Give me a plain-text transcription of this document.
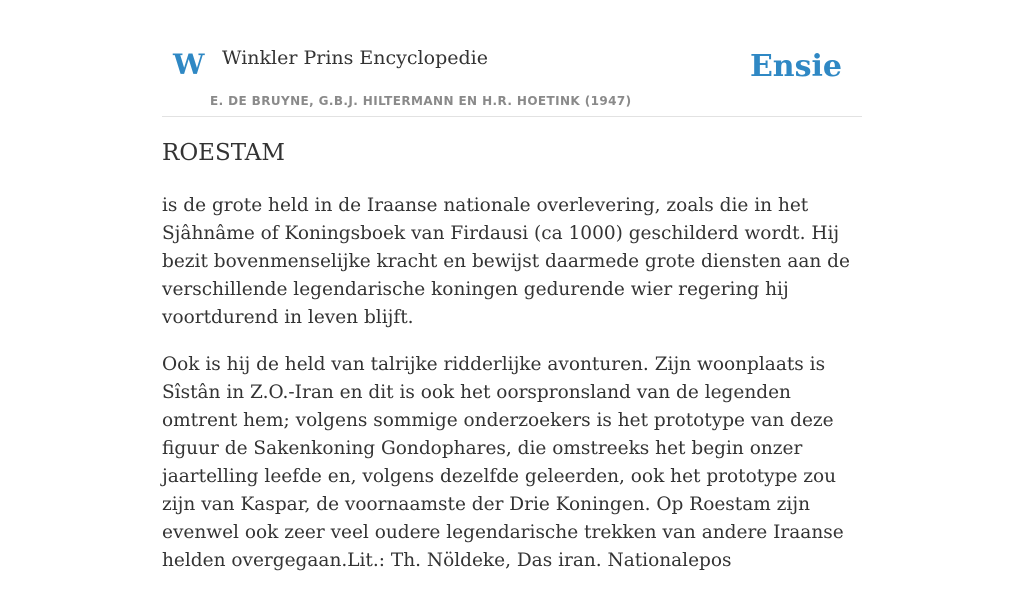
W Winkler Prins Encyclopedie
E. DE BRUYNE, G.B.J. HILTERMANN EN H.R. HOETINK (1947)
Ensie
ROESTAM

is de grote held in de Iraanse nationale overlevering, zoals die in het Sjâhnâme of Koningsboek van Firdausi (ca 1000) geschilderd wordt. Hij bezit bovenmenselijke kracht en bewijst daarmede grote diensten aan de verschillende legendarische koningen gedurende wier regering hij voortdurend in leven blijft.

Ook is hij de held van talrijke ridderlijke avonturen. Zijn woonplaats is Sîstân in Z.O.-Iran en dit is ook het oorspronsland van de legenden omtrent hem; volgens sommige onderzoekers is het prototype van deze figuur de Sakenkoning Gondophares, die omstreeks het begin onzer jaartelling leefde en, volgens dezelfde geleerden, ook het prototype zou zijn van Kaspar, de voornaamste der Drie Koningen. Op Roestam zijn evenwel ook zeer veel oudere legendarische trekken van andere Iraanse helden overgegaan.Lit.: Th. Nöldeke, Das iran. Nationalepos
